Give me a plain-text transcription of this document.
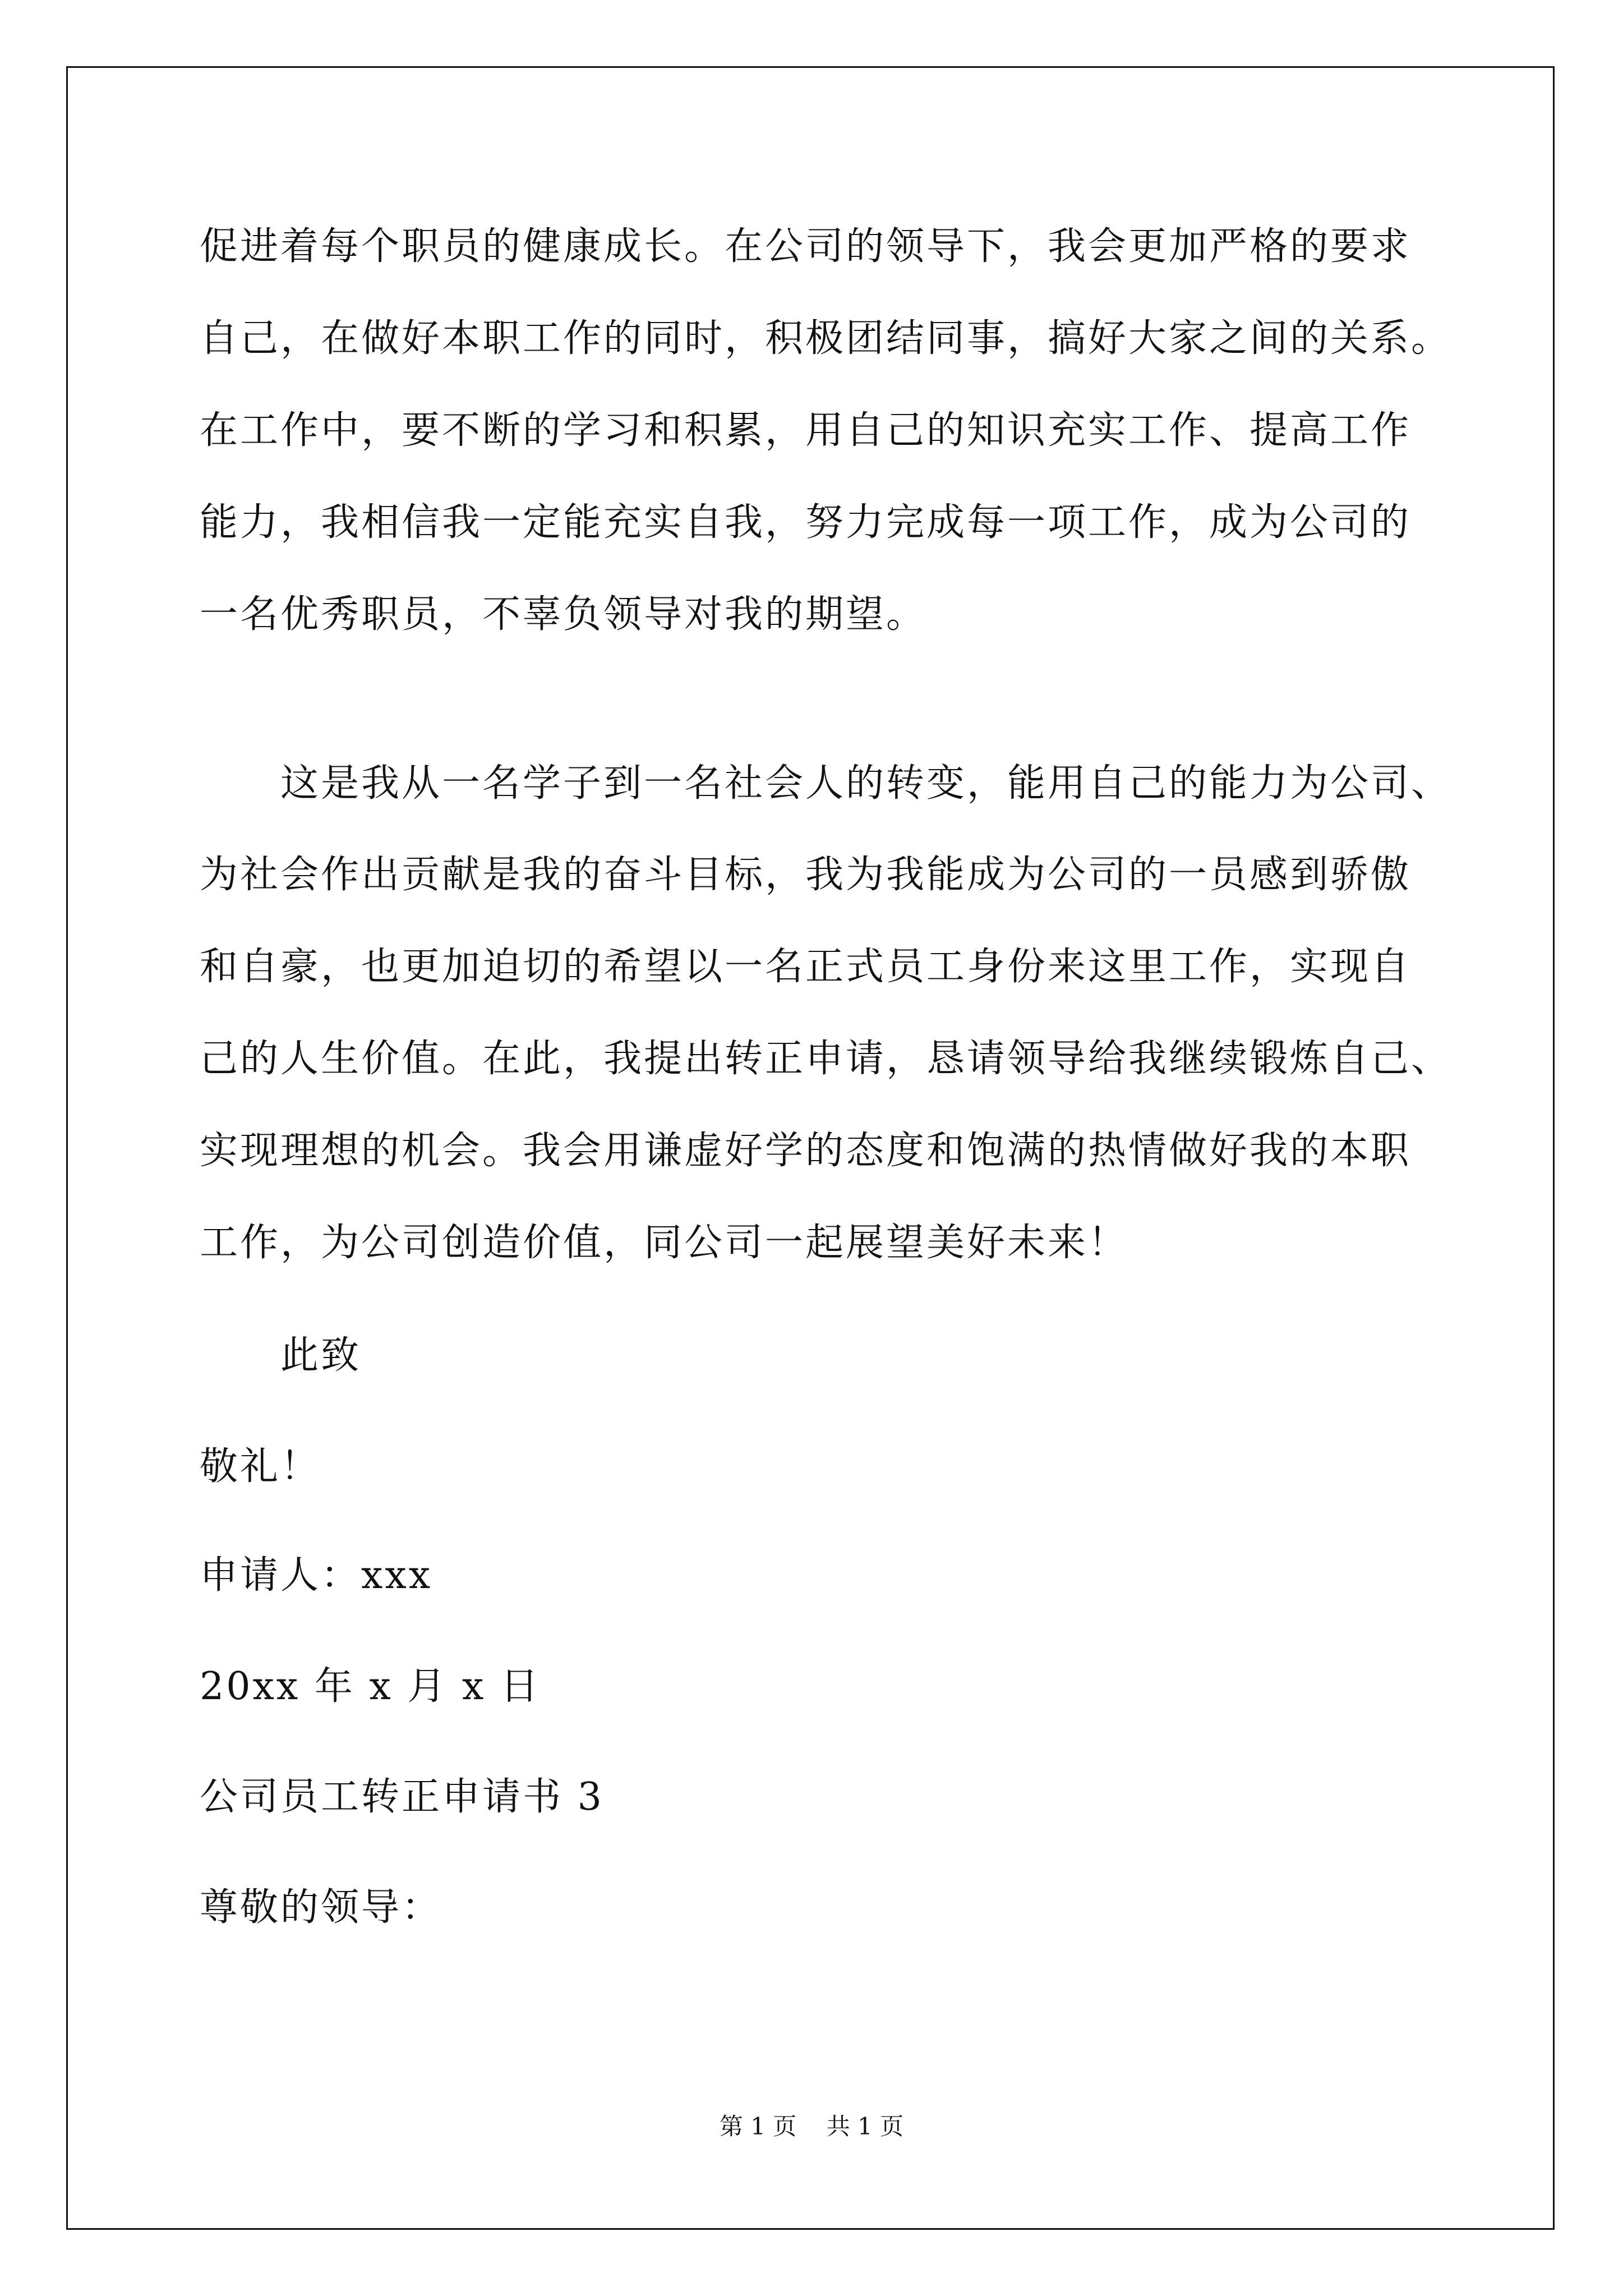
促进着每个职员的健康成长。在公司的领导下，我会更加严格的要求
自己，在做好本职工作的同时，积极团结同事，搞好大家之间的关系。
在工作中，要不断的学习和积累，用自己的知识充实工作、提高工作
能力，我相信我一定能充实自我，努力完成每一项工作，成为公司的
一名优秀职员，不辜负领导对我的期望。
这是我从一名学子到一名社会人的转变，能用自己的能力为公司、
为社会作出贡献是我的奋斗目标，我为我能成为公司的一员感到骄傲
和自豪，也更加迫切的希望以一名正式员工身份来这里工作，实现自
己的人生价值。在此，我提出转正申请，恳请领导给我继续锻炼自己、
实现理想的机会。我会用谦虚好学的态度和饱满的热情做好我的本职
工作，为公司创造价值，同公司一起展望美好未来！
此致
敬礼！
申请人：xxx
20xx 年 x 月 x 日
公司员工转正申请书 3
尊敬的领导：
第 1 页    共 1 页
